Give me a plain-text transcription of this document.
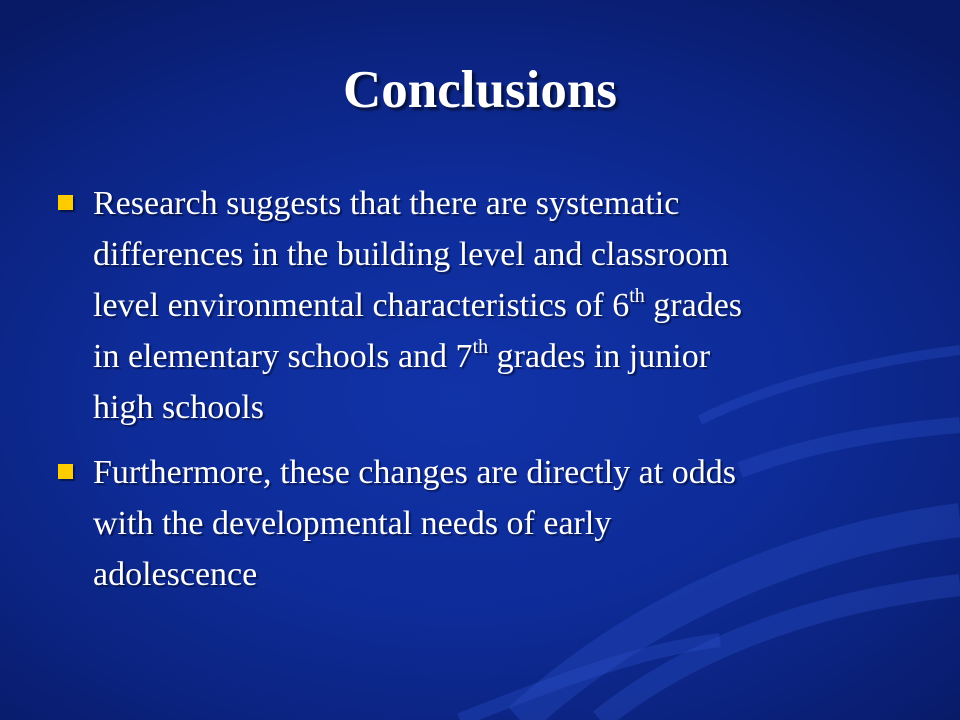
Conclusions
Research suggests that there are systematic
differences in the building level and classroom
level environmental characteristics of 6th grades
in elementary schools and 7th grades in junior
high schools
Furthermore, these changes are directly at odds
with the developmental needs of early
adolescence
